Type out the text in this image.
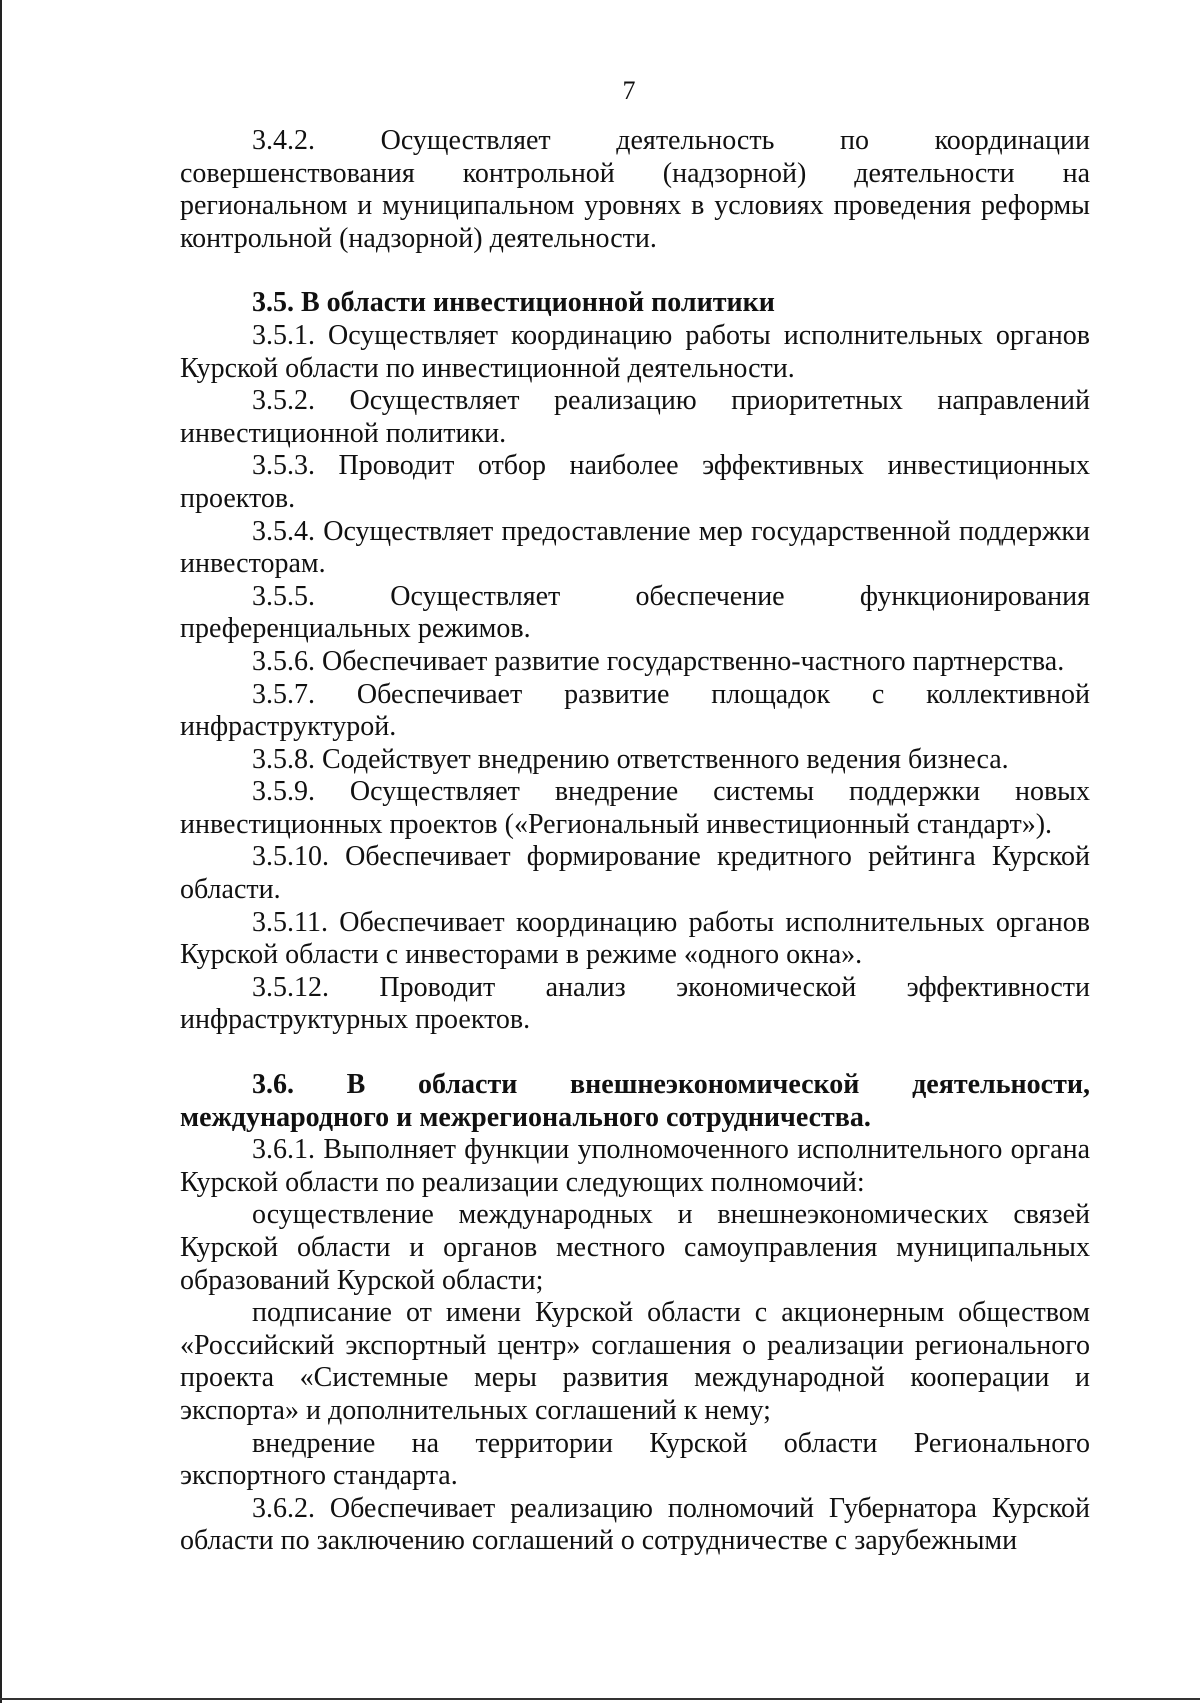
7

3.4.2. Осуществляет деятельность по координации совершенствования контрольной (надзорной) деятельности на региональном и муниципальном уровнях в условиях проведения реформы контрольной (надзорной) деятельности.

3.5. В области инвестиционной политики

3.5.1. Осуществляет координацию работы исполнительных органов Курской области по инвестиционной деятельности.

3.5.2. Осуществляет реализацию приоритетных направлений инвестиционной политики.

3.5.3. Проводит отбор наиболее эффективных инвестиционных проектов.

3.5.4. Осуществляет предоставление мер государственной поддержки инвесторам.

3.5.5. Осуществляет обеспечение функционирования преференциальных режимов.

3.5.6. Обеспечивает развитие государственно-частного партнерства.

3.5.7. Обеспечивает развитие площадок с коллективной инфраструктурой.

3.5.8. Содействует внедрению ответственного ведения бизнеса.

3.5.9. Осуществляет внедрение системы поддержки новых инвестиционных проектов («Региональный инвестиционный стандарт»).

3.5.10. Обеспечивает формирование кредитного рейтинга Курской области.

3.5.11. Обеспечивает координацию работы исполнительных органов Курской области с инвесторами в режиме «одного окна».

3.5.12. Проводит анализ экономической эффективности инфраструктурных проектов.

3.6. В области внешнеэкономической деятельности, международного и межрегионального сотрудничества.

3.6.1. Выполняет функции уполномоченного исполнительного органа Курской области по реализации следующих полномочий:

осуществление международных и внешнеэкономических связей Курской области и органов местного самоуправления муниципальных образований Курской области;

подписание от имени Курской области с акционерным обществом «Российский экспортный центр» соглашения о реализации регионального проекта «Системные меры развития международной кооперации и экспорта» и дополнительных соглашений к нему;

внедрение на территории Курской области Регионального экспортного стандарта.

3.6.2. Обеспечивает реализацию полномочий Губернатора Курской области по заключению соглашений о сотрудничестве с зарубежными
